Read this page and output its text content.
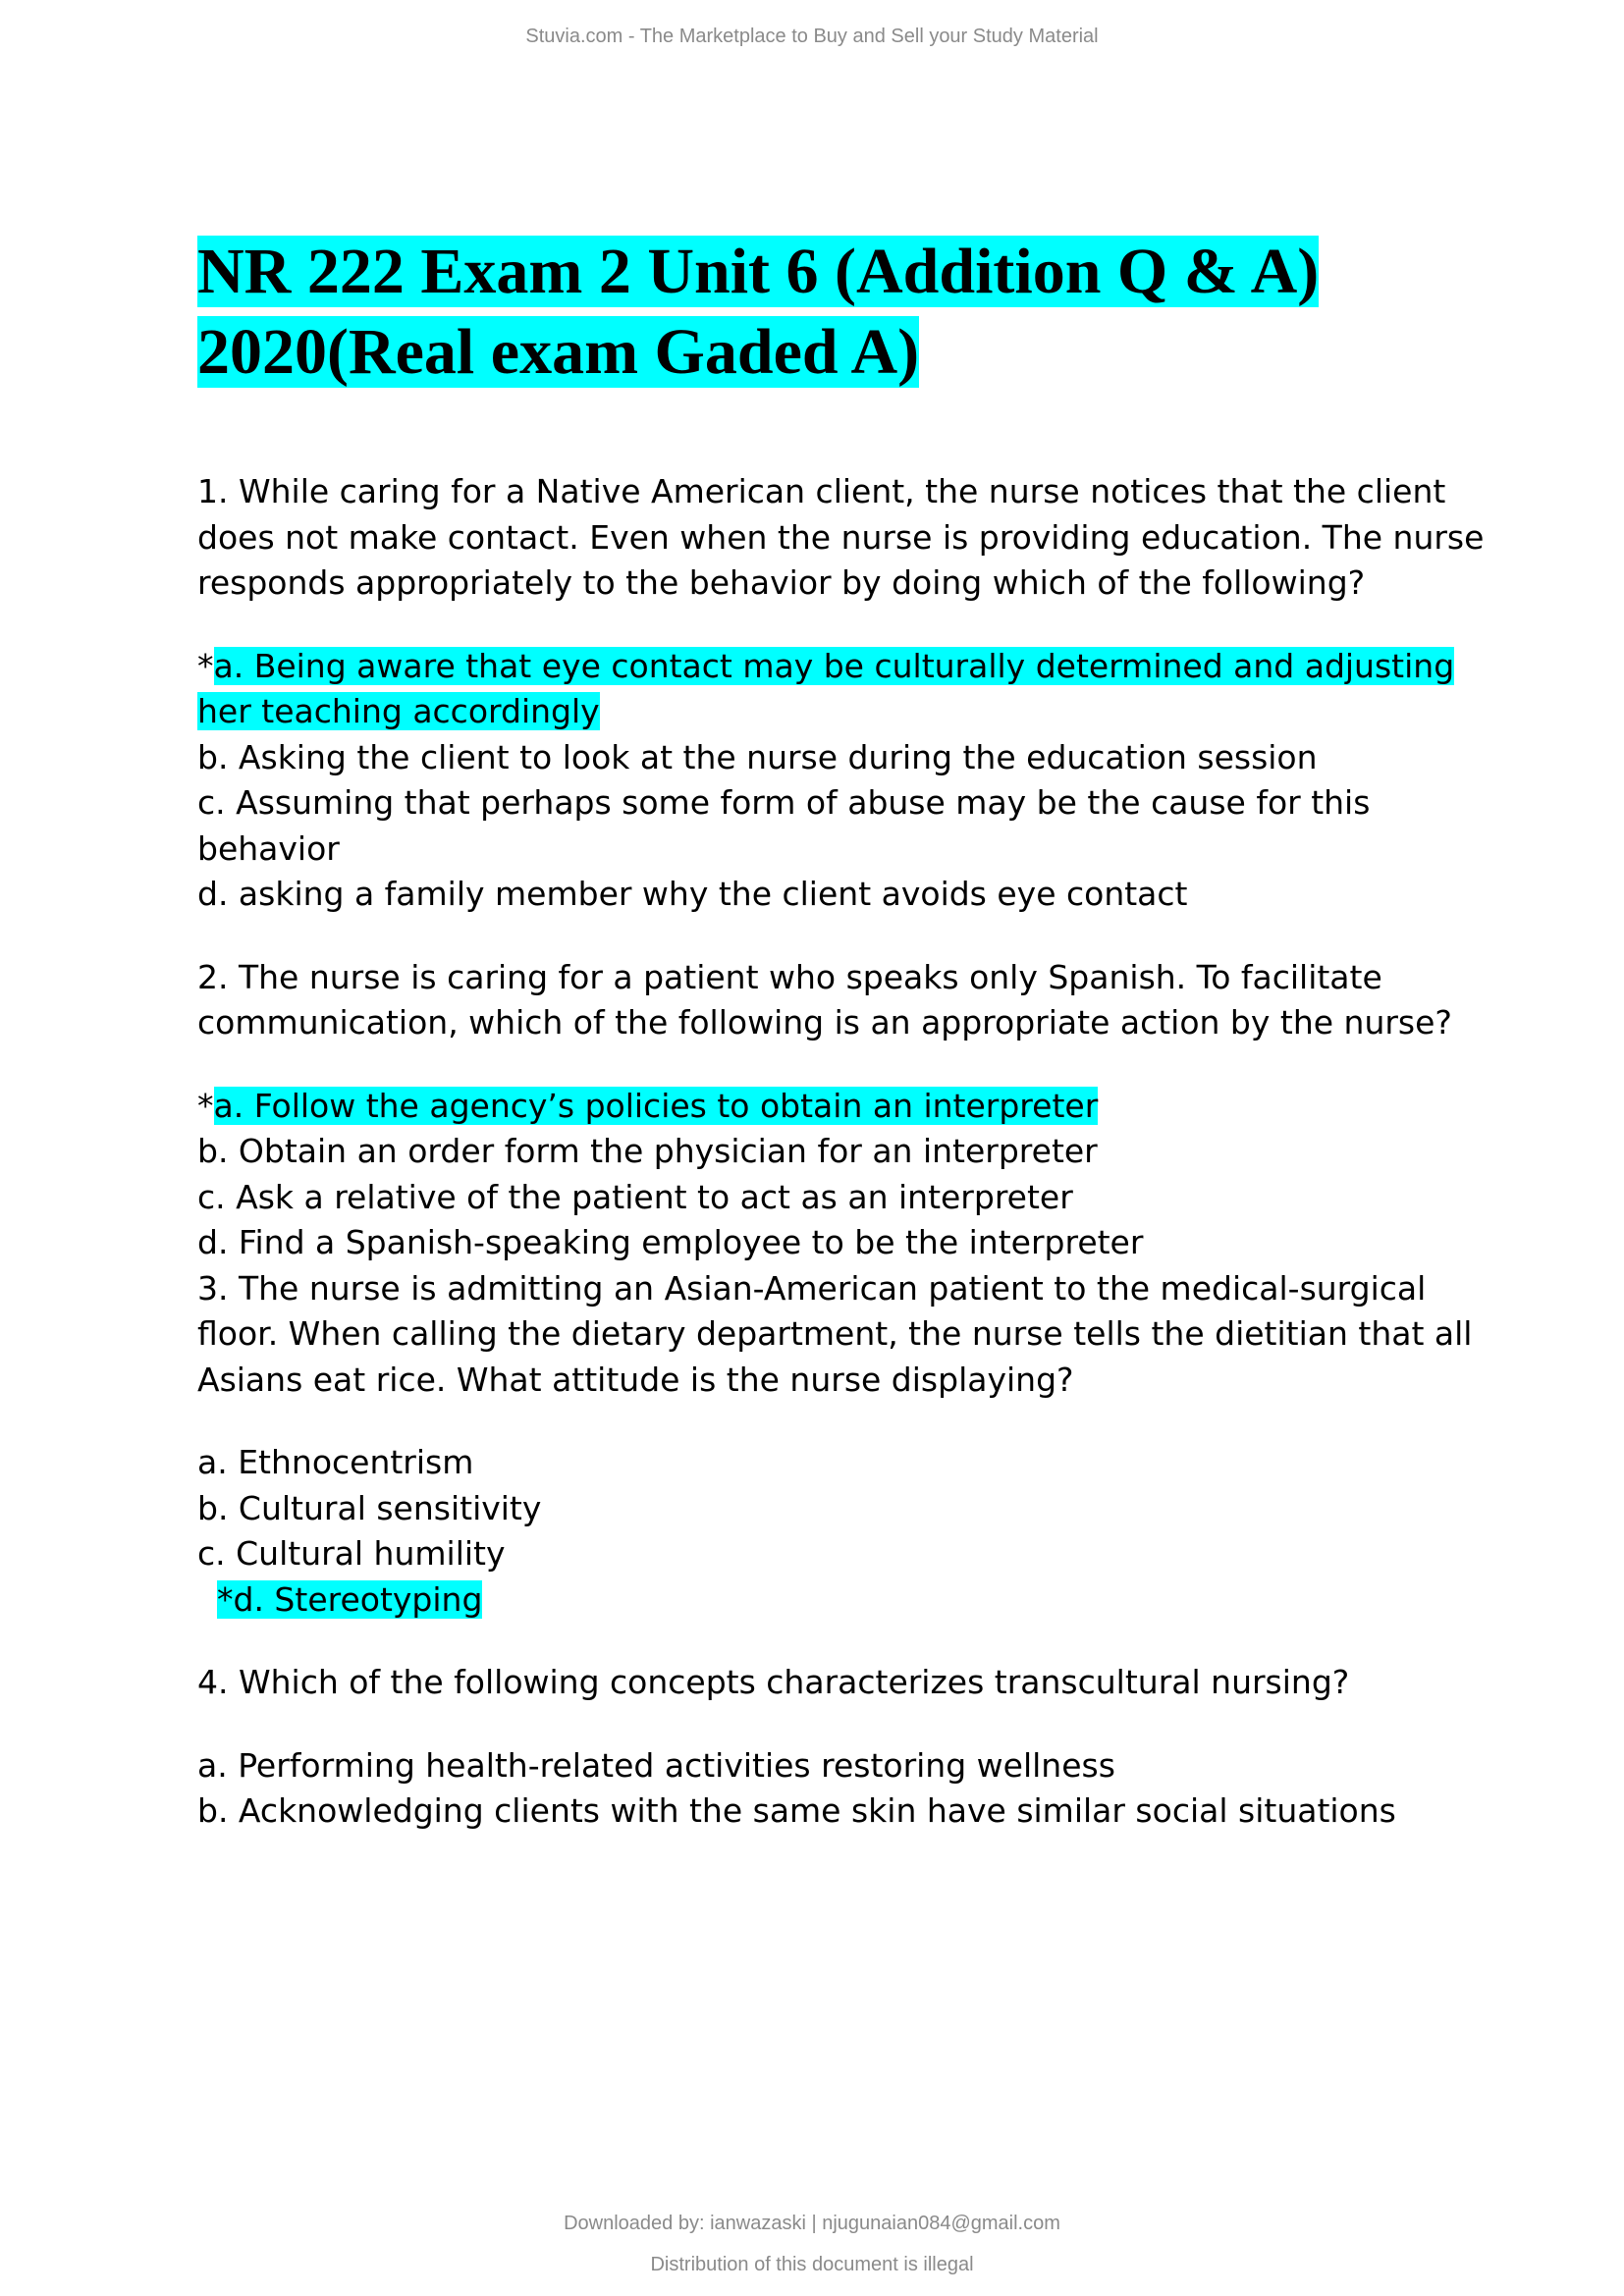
Stuvia.com - The Marketplace to Buy and Sell your Study Material
NR 222 Exam 2 Unit 6 (Addition Q & A)
2020(Real exam Gaded A)

1. While caring for a Native American client, the nurse notices that the client does not make contact. Even when the nurse is providing education. The nurse responds appropriately to the behavior by doing which of the following?

*a. Being aware that eye contact may be culturally determined and adjusting her teaching accordingly

b. Asking the client to look at the nurse during the education session

c. Assuming that perhaps some form of abuse may be the cause for this behavior

d. asking a family member why the client avoids eye contact

2. The nurse is caring for a patient who speaks only Spanish. To facilitate communication, which of the following is an appropriate action by the nurse?

*a. Follow the agency’s policies to obtain an interpreter

b. Obtain an order form the physician for an interpreter

c. Ask a relative of the patient to act as an interpreter

d. Find a Spanish-speaking employee to be the interpreter

3. The nurse is admitting an Asian-American patient to the medical-surgical floor. When calling the dietary department, the nurse tells the dietitian that all Asians eat rice. What attitude is the nurse displaying?

a. Ethnocentrism

b. Cultural sensitivity

c. Cultural humility

*d. Stereotyping

4. Which of the following concepts characterizes transcultural nursing?

a. Performing health-related activities restoring wellness

b. Acknowledging clients with the same skin have similar social situations

Downloaded by: ianwazaski | njugunaian084@gmail.com
Distribution of this document is illegal
